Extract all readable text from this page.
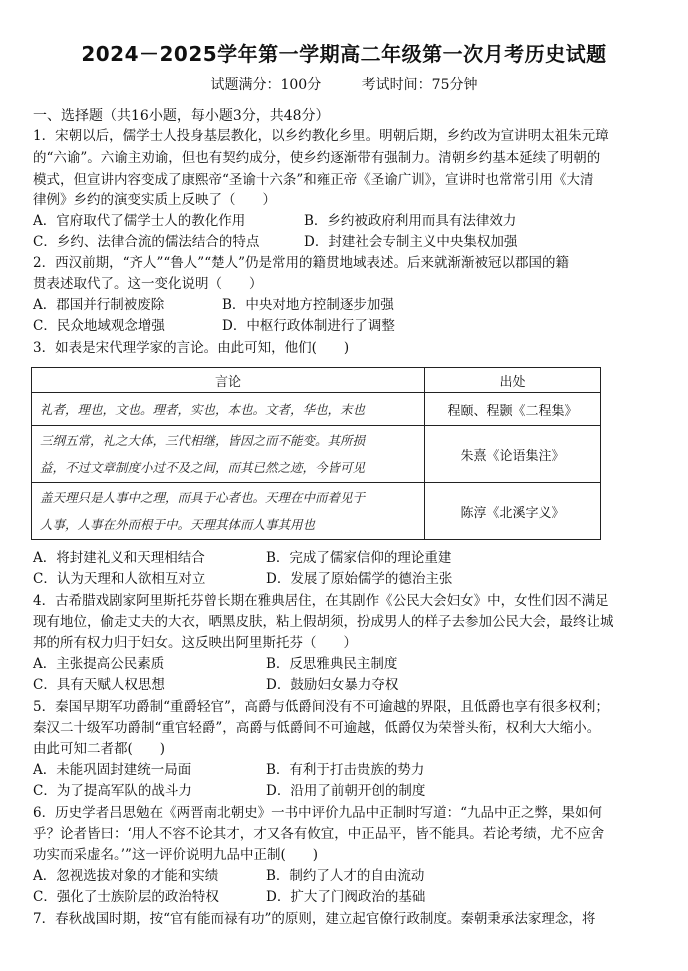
2024－2025学年第一学期高二年级第一次月考历史试题
试题满分：100分	考试时间：75分钟
一、选择题（共16小题，每小题3分，共48分）
1．宋朝以后，儒学士人投身基层教化，以乡约教化乡里。明朝后期，乡约改为宣讲明太祖朱元璋
的“六谕”。六谕主劝谕，但也有契约成分，使乡约逐渐带有强制力。清朝乡约基本延续了明朝的
模式，但宣讲内容变成了康熙帝“圣谕十六条”和雍正帝《圣谕广训》，宣讲时也常常引用《大清
律例》乡约的演变实质上反映了（　　）
A．官府取代了儒学士人的教化作用	B．乡约被政府利用而具有法律效力
C．乡约、法律合流的儒法结合的特点	D．封建社会专制主义中央集权加强
2．西汉前期，“齐人”“鲁人”“楚人”仍是常用的籍贯地域表述。后来就渐渐被冠以郡国的籍
贯表述取代了。这一变化说明（　　）
A．郡国并行制被废除	B．中央对地方控制逐步加强
C．民众地域观念增强	D．中枢行政体制进行了调整
3．如表是宋代理学家的言论。由此可知，他们(　　)
言论	出处

礼者，理也，文也。理者，实也，本也。文者，华也，末也	程颐、程颢《二程集》

三纲五常，礼之大体，三代相继，皆因之而不能变。其所损
益，不过文章制度小过不及之间，而其已然之迹，今皆可见	朱熹《论语集注》

盖天理只是人事中之理，而具于心者也。天理在中而着见于
人事，人事在外而根于中。天理其体而人事其用也	陈淳《北溪字义》
A．将封建礼义和天理相结合	B．完成了儒家信仰的理论重建
C．认为天理和人欲相互对立	D．发展了原始儒学的德治主张
4．古希腊戏剧家阿里斯托芬曾长期在雅典居住，在其剧作《公民大会妇女》中，女性们因不满足
现有地位，偷走丈夫的大衣，晒黑皮肤，粘上假胡须，扮成男人的样子去参加公民大会，最终让城
邦的所有权力归于妇女。这反映出阿里斯托芬（　　）
A．主张提高公民素质	B．反思雅典民主制度
C．具有天赋人权思想	D．鼓励妇女暴力夺权
5．秦国早期军功爵制“重爵轻官”，高爵与低爵间没有不可逾越的界限，且低爵也享有很多权利；
秦汉二十级军功爵制“重官轻爵”，高爵与低爵间不可逾越，低爵仅为荣誉头衔，权利大大缩小。
由此可知二者都(　　)
A．未能巩固封建统一局面	B．有利于打击贵族的势力
C．为了提高军队的战斗力	D．沿用了前朝开创的制度
6．历史学者吕思勉在《两晋南北朝史》一书中评价九品中正制时写道：“九品中正之弊，果如何
乎？论者皆曰：‘用人不容不论其才，才又各有攸宜，中正品平，皆不能具。若论考绩，尤不应舍
功实而采虚名。’”这一评价说明九品中正制(　　)
A．忽视选拔对象的才能和实绩	B．制约了人才的自由流动
C．强化了士族阶层的政治特权	D．扩大了门阀政治的基础
7．春秋战国时期，按“官有能而禄有功”的原则，建立起官僚行政制度。秦朝秉承法家理念，将
